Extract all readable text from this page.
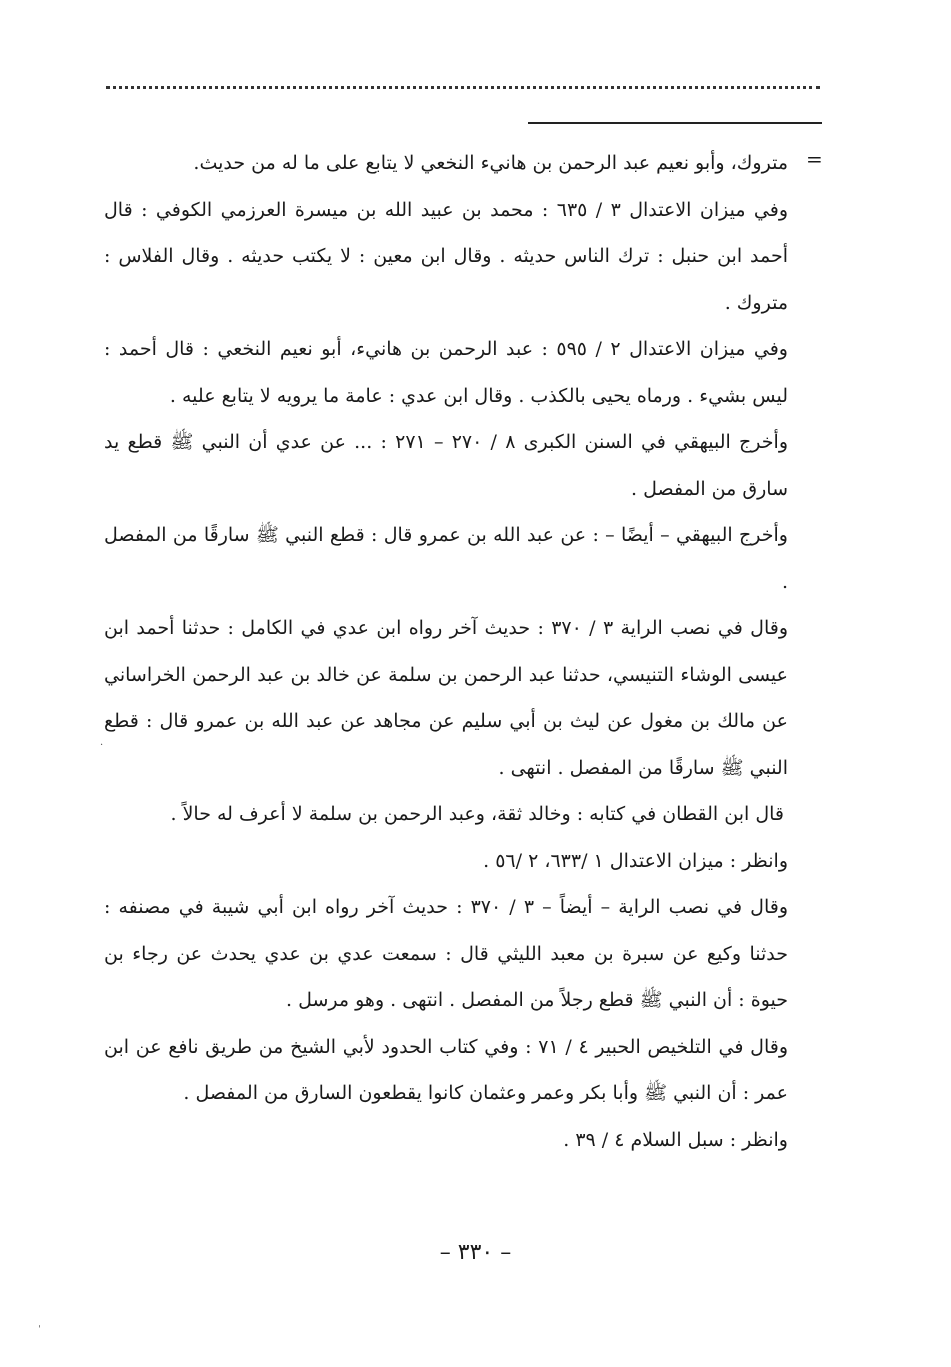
=

متروك، وأبو نعيم عبد الرحمن بن هانيء النخعي لا يتابع على ما له من حديث.

وفي ميزان الاعتدال ٣ / ٦٣٥ : محمد بن عبيد الله بن ميسرة العرزمي الكوفي : قال أحمد ابن حنبل : ترك الناس حديثه . وقال ابن معين : لا يكتب حديثه . وقال الفلاس : متروك .

وفي ميزان الاعتدال ٢ / ٥٩٥ : عبد الرحمن بن هانيء، أبو نعيم النخعي : قال أحمد : ليس بشيء . ورماه يحيى بالكذب . وقال ابن عدي : عامة ما يرويه لا يتابع عليه .

وأخرج البيهقي في السنن الكبرى ٨ / ٢٧٠ – ٢٧١ : ... عن عدي أن النبي ﷺ قطع يد سارق من المفصل .

وأخرج البيهقي – أيضًا – : عن عبد الله بن عمرو قال : قطع النبي ﷺ سارقًا من المفصل .

وقال في نصب الراية ٣ / ٣٧٠ : حديث آخر رواه ابن عدي في الكامل : حدثنا أحمد ابن عيسى الوشاء التنيسي، حدثنا عبد الرحمن بن سلمة عن خالد بن عبد الرحمن الخراساني عن مالك بن مغول عن ليث بن أبي سليم عن مجاهد عن عبد الله بن عمرو قال : قطع النبي ﷺ سارقًا من المفصل . انتهى .

قال ابن القطان في كتابه : وخالد ثقة، وعبد الرحمن بن سلمة لا أعرف له حالاً .

وانظر : ميزان الاعتدال ١ /٦٣٣، ٢ /٥٦ .

وقال في نصب الراية – أيضاً – ٣ / ٣٧٠ : حديث آخر رواه ابن أبي شيبة في مصنفه : حدثنا وكيع عن سبرة بن معبد الليثي قال : سمعت عدي بن عدي يحدث عن رجاء بن حيوة : أن النبي ﷺ قطع رجلاً من المفصل . انتهى . وهو مرسل .

وقال في التلخيص الحبير ٤ / ٧١ : وفي كتاب الحدود لأبي الشيخ من طريق نافع عن ابن عمر : أن النبي ﷺ وأبا بكر وعمر وعثمان كانوا يقطعون السارق من المفصل .

وانظر : سبل السلام ٤ / ٣٩ .

– ٣٣٠ –
·
ˈ
